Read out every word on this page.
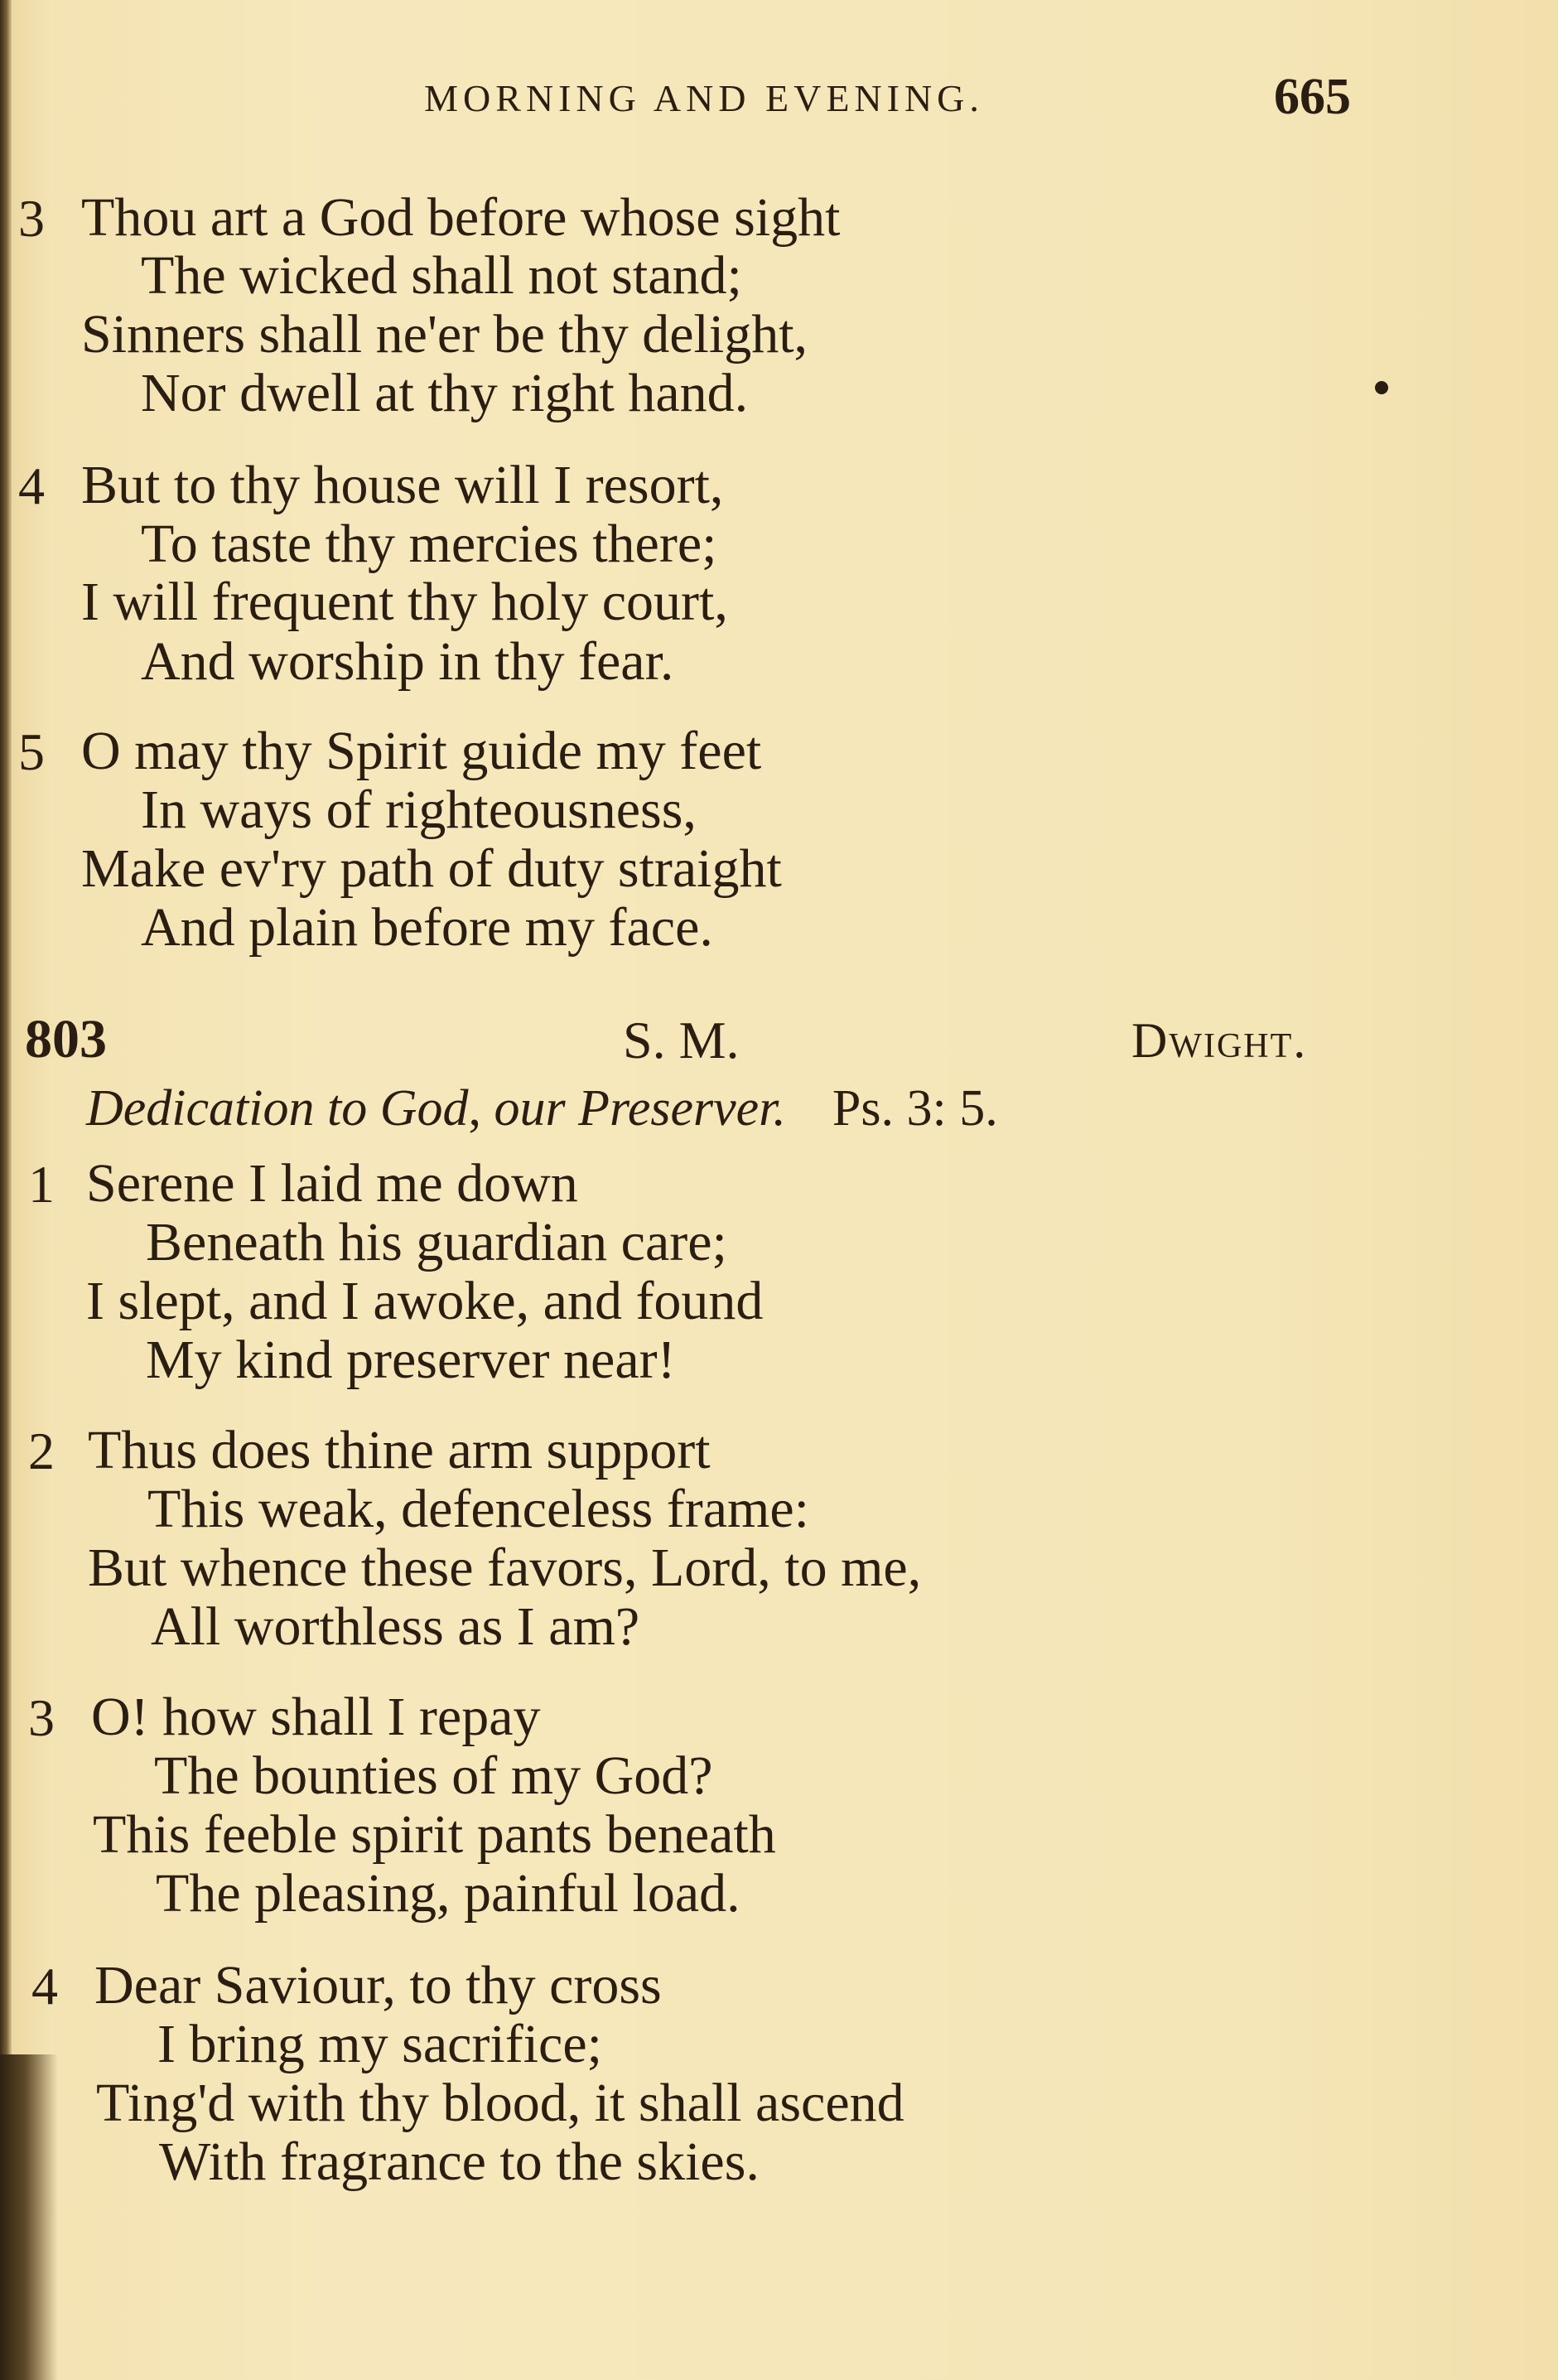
MORNING AND EVENING.	665
3 Thou art a God before whose sight
The wicked shall not stand;
Sinners shall ne'er be thy delight,
Nor dwell at thy right hand.
4 But to thy house will I resort,
To taste thy mercies there;
I will frequent thy holy court,
And worship in thy fear.
5 O may thy Spirit guide my feet
In ways of righteousness,
Make ev'ry path of duty straight
And plain before my face.
803	S. M.	Dwight.
Dedication to God, our Preserver. Ps. 3: 5.
1 Serene I laid me down
Beneath his guardian care;
I slept, and I awoke, and found
My kind preserver near!
2 Thus does thine arm support
This weak, defenceless frame:
But whence these favors, Lord, to me,
All worthless as I am?
3 O! how shall I repay
The bounties of my God?
This feeble spirit pants beneath
The pleasing, painful load.
4 Dear Saviour, to thy cross
I bring my sacrifice;
Ting'd with thy blood, it shall ascend
With fragrance to the skies.
